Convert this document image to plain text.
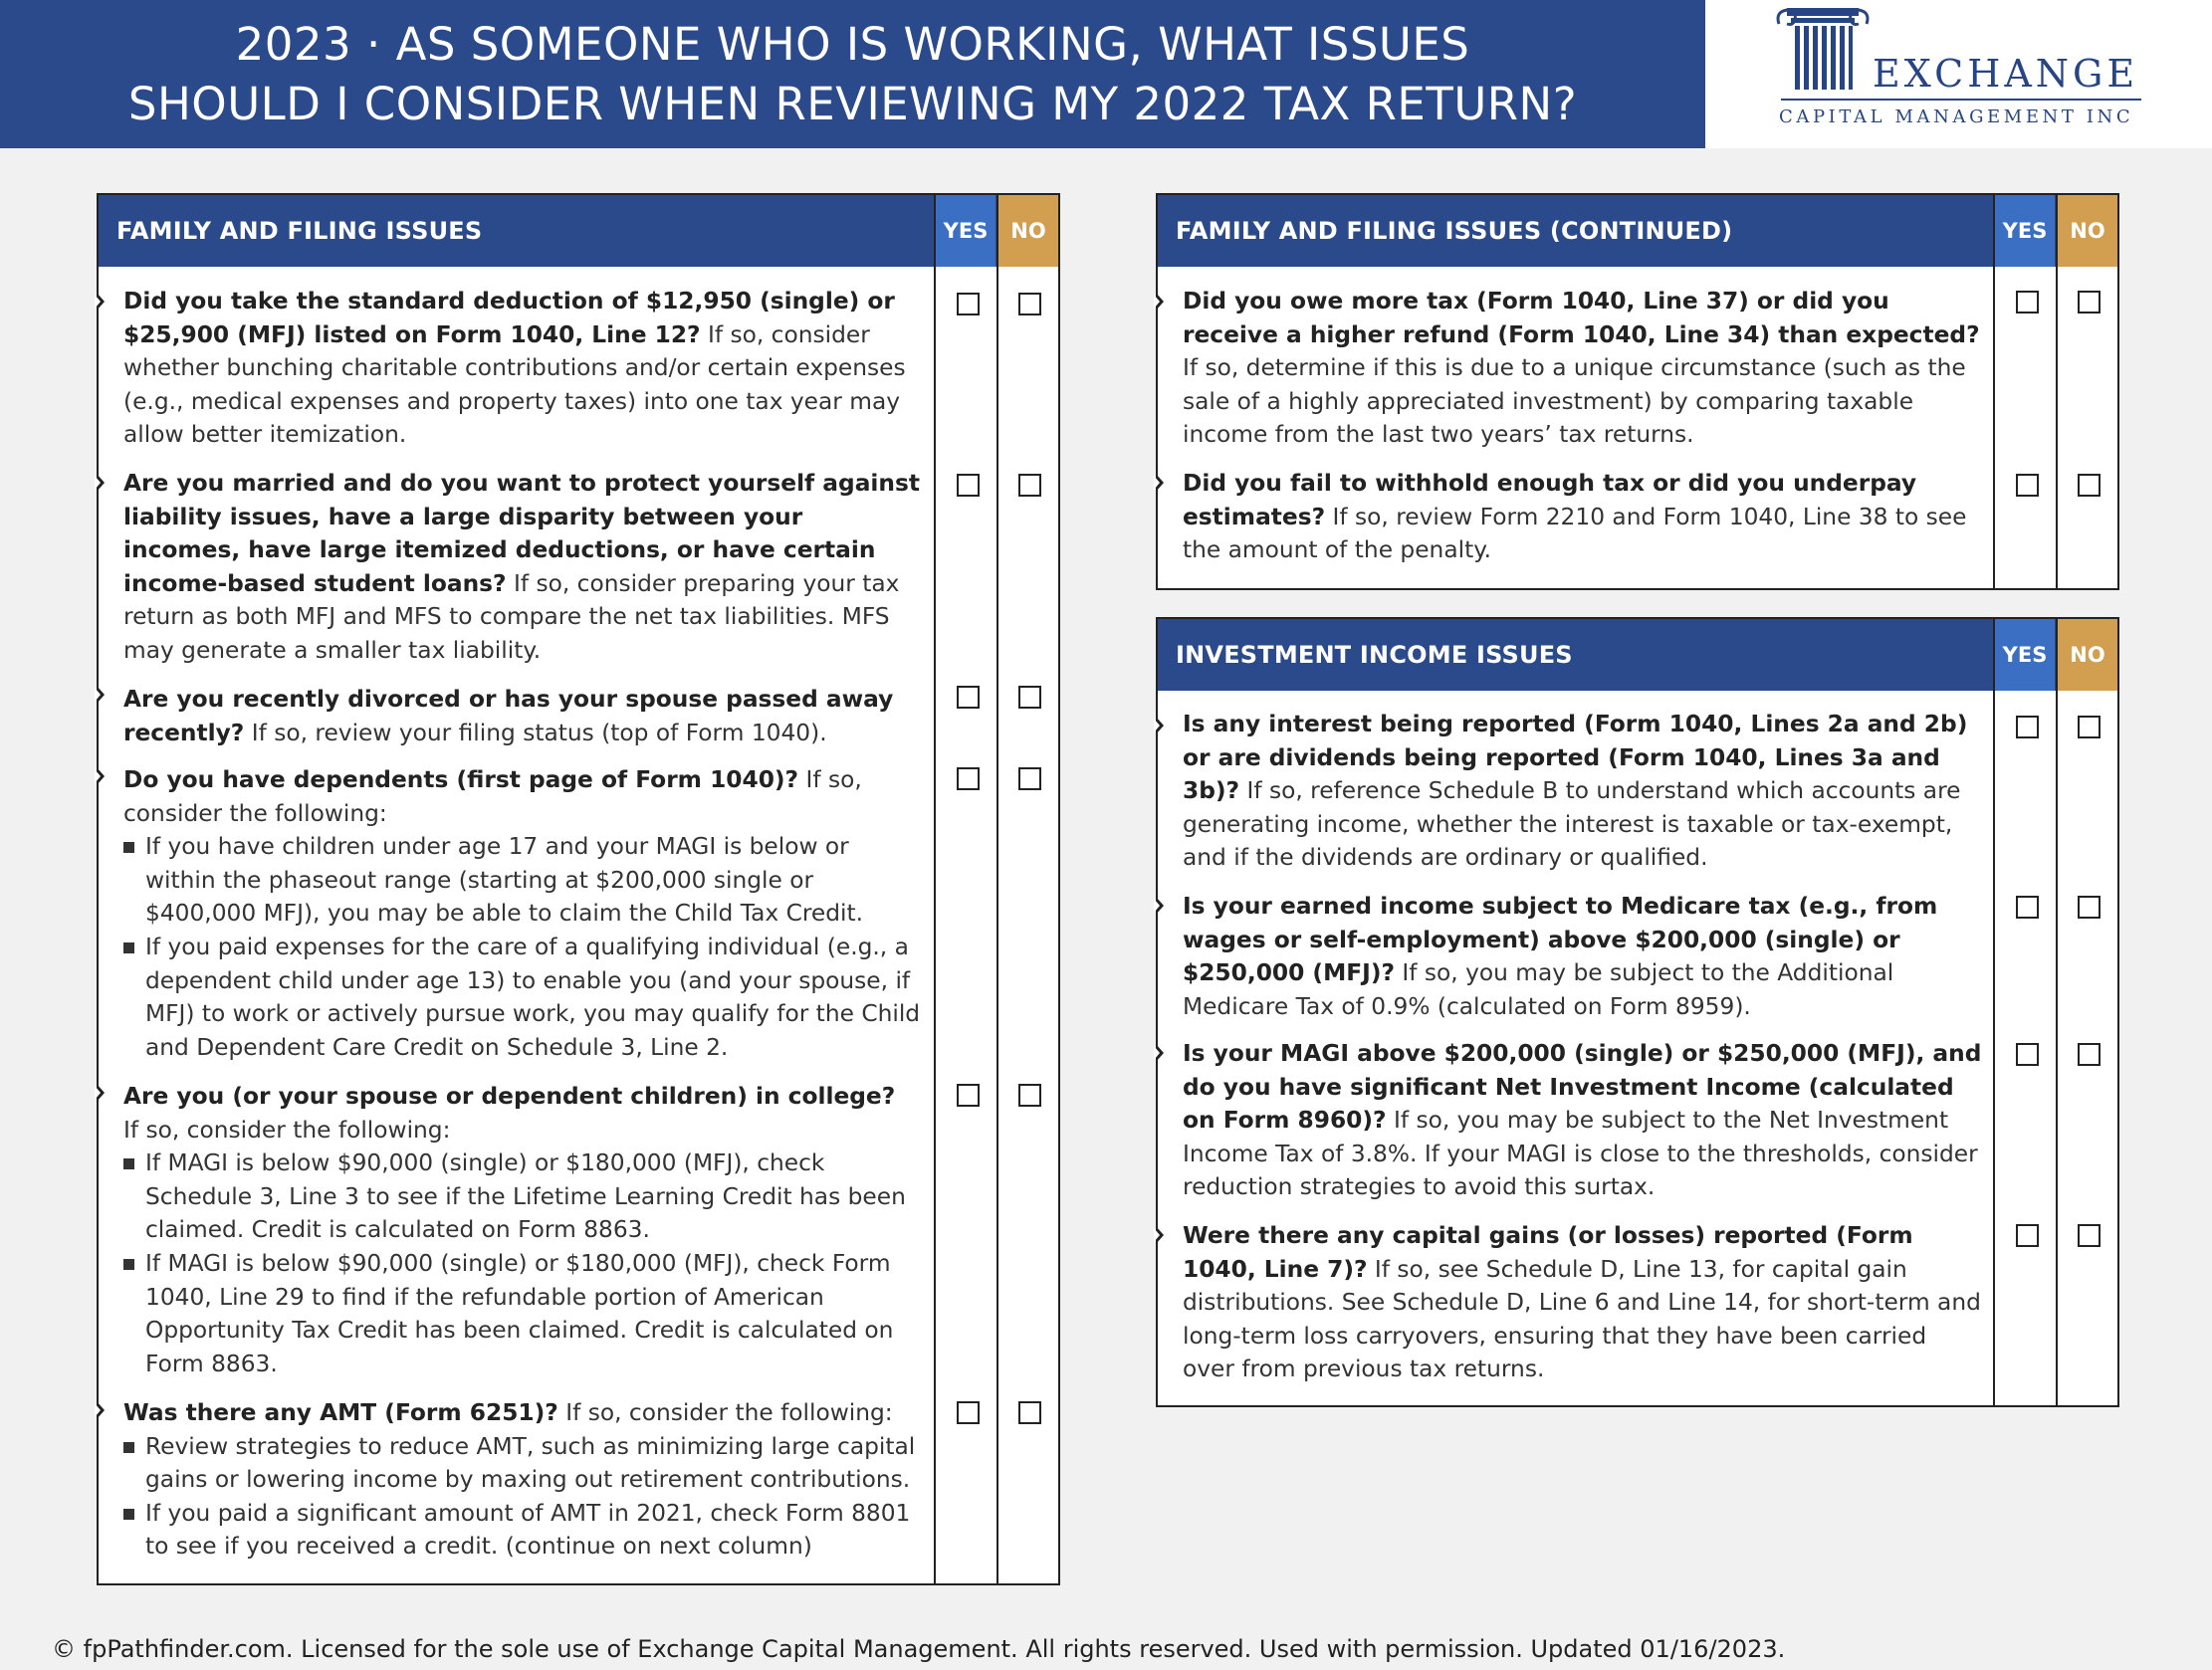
2023 · AS SOMEONE WHO IS WORKING, WHAT ISSUES
SHOULD I CONSIDER WHEN REVIEWING MY 2022 TAX RETURN?
EXCHANGE
CAPITAL MANAGEMENT INC
FAMILY AND FILING ISSUES	YES	NO
Did you take the standard deduction of $12,950 (single) or $25,900 (MFJ) listed on Form 1040, Line 12? If so, consider whether bunching charitable contributions and/or certain expenses (e.g., medical expenses and property taxes) into one tax year may allow better itemization.
Are you married and do you want to protect yourself against liability issues, have a large disparity between your incomes, have large itemized deductions, or have certain income-based student loans? If so, consider preparing your tax return as both MFJ and MFS to compare the net tax liabilities. MFS may generate a smaller tax liability.
Are you recently divorced or has your spouse passed away recently? If so, review your filing status (top of Form 1040).
Do you have dependents (first page of Form 1040)? If so, consider the following:
If you have children under age 17 and your MAGI is below or within the phaseout range (starting at $200,000 single or $400,000 MFJ), you may be able to claim the Child Tax Credit.
If you paid expenses for the care of a qualifying individual (e.g., a dependent child under age 13) to enable you (and your spouse, if MFJ) to work or actively pursue work, you may qualify for the Child and Dependent Care Credit on Schedule 3, Line 2.
Are you (or your spouse or dependent children) in college?
If so, consider the following:
If MAGI is below $90,000 (single) or $180,000 (MFJ), check Schedule 3, Line 3 to see if the Lifetime Learning Credit has been claimed. Credit is calculated on Form 8863.
If MAGI is below $90,000 (single) or $180,000 (MFJ), check Form 1040, Line 29 to find if the refundable portion of American Opportunity Tax Credit has been claimed. Credit is calculated on Form 8863.
Was there any AMT (Form 6251)? If so, consider the following:
Review strategies to reduce AMT, such as minimizing large capital gains or lowering income by maxing out retirement contributions.
If you paid a significant amount of AMT in 2021, check Form 8801 to see if you received a credit. (continue on next column)
FAMILY AND FILING ISSUES (CONTINUED)	YES	NO
Did you owe more tax (Form 1040, Line 37) or did you receive a higher refund (Form 1040, Line 34) than expected? If so, determine if this is due to a unique circumstance (such as the sale of a highly appreciated investment) by comparing taxable income from the last two years’ tax returns.
Did you fail to withhold enough tax or did you underpay estimates? If so, review Form 2210 and Form 1040, Line 38 to see the amount of the penalty.
INVESTMENT INCOME ISSUES	YES	NO
Is any interest being reported (Form 1040, Lines 2a and 2b) or are dividends being reported (Form 1040, Lines 3a and 3b)? If so, reference Schedule B to understand which accounts are generating income, whether the interest is taxable or tax-exempt, and if the dividends are ordinary or qualified.
Is your earned income subject to Medicare tax (e.g., from wages or self-employment) above $200,000 (single) or $250,000 (MFJ)? If so, you may be subject to the Additional Medicare Tax of 0.9% (calculated on Form 8959).
Is your MAGI above $200,000 (single) or $250,000 (MFJ), and do you have significant Net Investment Income (calculated on Form 8960)? If so, you may be subject to the Net Investment Income Tax of 3.8%. If your MAGI is close to the thresholds, consider reduction strategies to avoid this surtax.
Were there any capital gains (or losses) reported (Form 1040, Line 7)? If so, see Schedule D, Line 13, for capital gain distributions. See Schedule D, Line 6 and Line 14, for short-term and long-term loss carryovers, ensuring that they have been carried over from previous tax returns.
© fpPathfinder.com. Licensed for the sole use of Exchange Capital Management. All rights reserved. Used with permission. Updated 01/16/2023.
